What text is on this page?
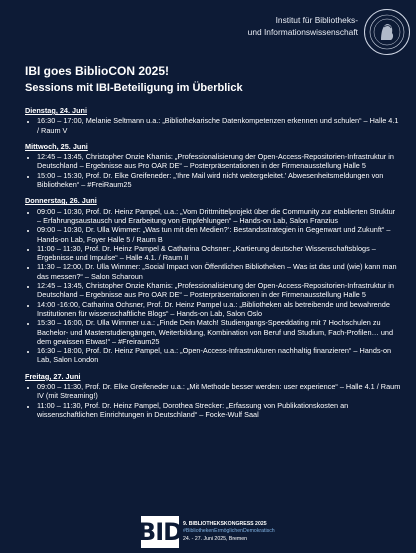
Institut für Bibliotheks-
und Informationswissenschaft
IBI goes BiblioCON 2025!
Sessions mit IBI-Beteiligung im Überblick
Dienstag, 24. Juni
• 16:30 – 17:00, Melanie Seltmann u.a.: „Bibliothekarische Datenkompetenzen erkennen und schulen“ – Halle 4.1 / Raum V
Mittwoch, 25. Juni
• 12:45 – 13:45, Christopher Onzie Khamis: „Professionalisierung der Open-Access-Repositorien-Infrastruktur in Deutschland – Ergebnisse aus Pro OAR DE“ – Posterpräsentationen in der Firmenausstellung Halle 5
• 15:00 – 15:30, Prof. Dr. Elke Greifeneder: „'Ihre Mail wird nicht weitergeleitet.' Abwesenheitsmeldungen von Bibliotheken“ – #FreiRaum25
Donnerstag, 26. Juni
• 09:00 – 10:30, Prof. Dr. Heinz Pampel, u.a.: „Vom Drittmittelprojekt über die Community zur etablierten Struktur – Erfahrungsaustausch und Erarbeitung von Empfehlungen“ – Hands-on Lab, Salon Franzius
• 09:00 – 10:30, Dr. Ulla Wimmer: „Was tun mit den Medien?‘: Bestandsstrategien in Gegenwart und Zukunft“ – Hands-on Lab, Foyer Halle 5 / Raum B
• 11:00 – 11:30, Prof. Dr. Heinz Pampel & Catharina Ochsner: „Kartierung deutscher Wissenschaftsblogs – Ergebnisse und Impulse“ – Halle 4.1. / Raum II
• 11:30 – 12:00, Dr. Ulla Wimmer: „Social Impact von Öffentlichen Bibliotheken – Was ist das und (wie) kann man das messen?“ – Salon Scharoun
• 12:45 – 13:45, Christopher Onzie Khamis: „Professionalisierung der Open-Access-Repositorien-Infrastruktur in Deutschland – Ergebnisse aus Pro OAR DE“ – Posterpräsentationen in der Firmenausstellung Halle 5
• 14:00 -16:00, Catharina Ochsner, Prof. Dr. Heinz Pampel u.a.: „Bibliotheken als betreibende und bewahrende Institutionen für wissenschaftliche Blogs“ – Hands-on Lab, Salon Oslo
• 15:30 – 16:00, Dr. Ulla Wimmer u.a.: „Finde Dein Match! Studiengangs-Speeddating mit 7 Hochschulen zu Bachelor- und Masterstudiengängen, Weiterbildung, Kombination von Beruf und Studium, Fach-Profilen… und dem gewissen Etwas!“ – #Freiraum25
• 16:30 – 18:00, Prof. Dr. Heinz Pampel, u.a.: „Open-Access-Infrastrukturen nachhaltig finanzieren“ – Hands-on Lab, Salon London
Freitag, 27. Juni
• 09:00 – 11:30, Prof. Dr. Elke Greifeneder u.a.: „Mit Methode besser werden: user experience“ – Halle 4.1 / Raum IV (mit Streaming!)
• 11:00 – 11:30, Prof. Dr. Heinz Pampel, Dorothea Strecker: „Erfassung von Publikationskosten an wissenschaftlichen Einrichtungen in Deutschland“ – Focke-Wulf Saal
BID 9. BIBLIOTHEKSKONGRESS 2025
#BibliothekenErmöglichenDemokratisch
24. - 27. Juni 2025, Bremen
